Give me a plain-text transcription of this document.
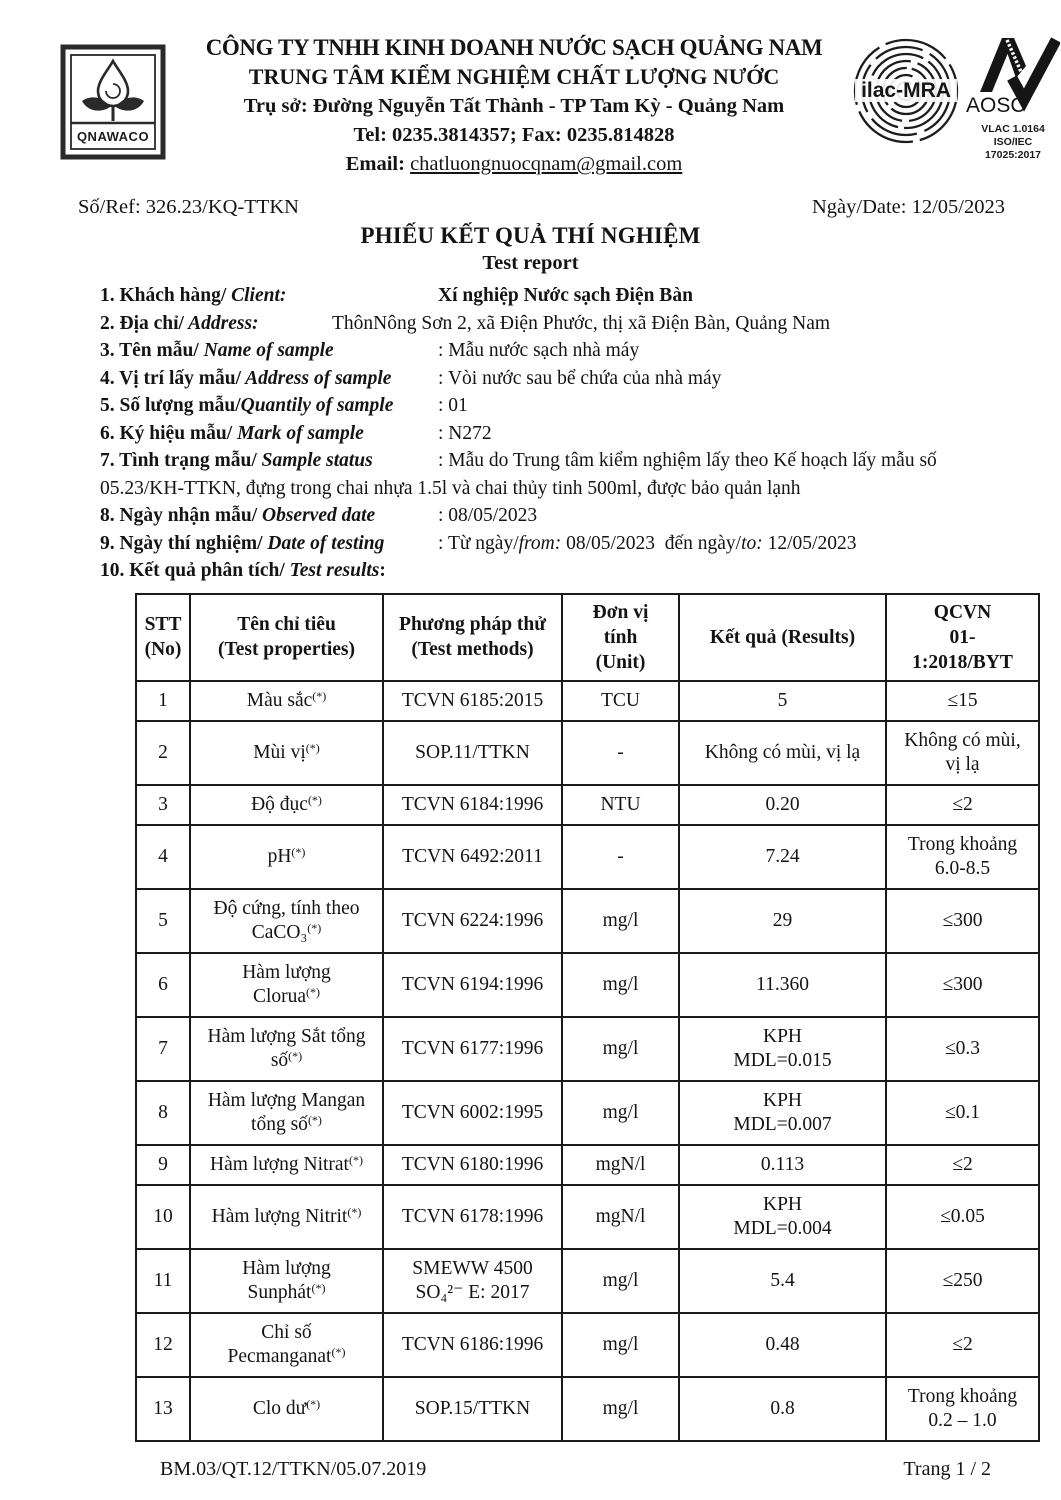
QNAWACO
CÔNG TY TNHH KINH DOANH NƯỚC SẠCH QUẢNG NAM
TRUNG TÂM KIỂM NGHIỆM CHẤT LƯỢNG NƯỚC
Trụ sở: Đường Nguyễn Tất Thành - TP Tam Kỳ - Quảng Nam
Tel: 0235.3814357; Fax: 0235.814828
Email: chatluongnuocqnam@gmail.com
ilac-MRA
AOSC
VLAC 1.0164
ISO/IEC 17025:2017
Số/Ref: 326.23/KQ-TTKN	Ngày/Date: 12/05/2023
PHIẾU KẾT QUẢ THÍ NGHIỆM
Test report

1. Khách hàng/ Client:	Xí nghiệp Nước sạch Điện Bàn

2. Địa chỉ/ Address:	ThônNông Sơn 2, xã Điện Phước, thị xã Điện Bàn, Quảng Nam

3. Tên mẫu/ Name of sample	: Mẫu nước sạch nhà máy

4. Vị trí lấy mẫu/ Address of sample : Vòi nước sau bể chứa của nhà máy

5. Số lượng mẫu/Quantily of sample : 01

6. Ký hiệu mẫu/ Mark of sample	: N272

7. Tình trạng mẫu/ Sample status	: Mẫu do Trung tâm kiểm nghiệm lấy theo Kế hoạch lấy mẫu số 05.23/KH-TTKN, đựng trong chai nhựa 1.5l và chai thủy tinh 500ml, được bảo quản lạnh

8. Ngày nhận mẫu/ Observed date	: 08/05/2023

9. Ngày thí nghiệm/ Date of testing	: Từ ngày/from: 08/05/2023  đến ngày/to: 12/05/2023

10. Kết quả phân tích/ Test results:

STT
(No)	Tên chỉ tiêu
(Test properties)	Phương pháp thử
(Test methods)	Đơn vị
tính
(Unit)	Kết quả (Results)	QCVN
01-
1:2018/BYT
1	Màu sắc(*)	TCVN 6185:2015	TCU	5	≤15
2	Mùi vị(*)	SOP.11/TTKN	-	Không có mùi, vị lạ	Không có mùi,
vị lạ
3	Độ đục(*)	TCVN 6184:1996	NTU	0.20	≤2
4	pH(*)	TCVN 6492:2011	-	7.24	Trong khoảng
6.0-8.5
5	Độ cứng, tính theo
CaCO₃(*)	TCVN 6224:1996	mg/l	29	≤300
6	Hàm lượng
Clorua(*)	TCVN 6194:1996	mg/l	11.360	≤300
7	Hàm lượng Sắt tổng
số(*)	TCVN 6177:1996	mg/l	KPH
MDL=0.015	≤0.3
8	Hàm lượng Mangan
tổng số(*)	TCVN 6002:1995	mg/l	KPH
MDL=0.007	≤0.1
9	Hàm lượng Nitrat(*)	TCVN 6180:1996	mgN/l	0.113	≤2
10	Hàm lượng Nitrit(*)	TCVN 6178:1996	mgN/l	KPH
MDL=0.004	≤0.05
11	Hàm lượng
Sunphát(*)	SMEWW 4500
SO₄²⁻ E: 2017	mg/l	5.4	≤250
12	Chỉ số
Pecmanganat(*)	TCVN 6186:1996	mg/l	0.48	≤2
13	Clo dư(*)	SOP.15/TTKN	mg/l	0.8	Trong khoảng
0.2 – 1.0
BM.03/QT.12/TTKN/05.07.2019	Trang 1 / 2
